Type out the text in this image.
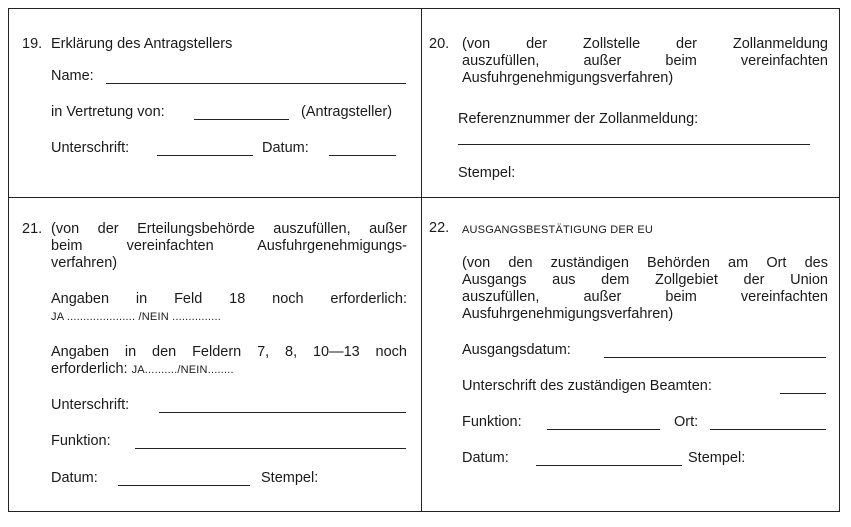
19. Erklärung des Antragstellers
Name:
in Vertretung von:	(Antragsteller)
Unterschrift:	Datum:
20. (von der Zollstelle der Zollanmeldung
auszufüllen, außer beim vereinfachten
Ausfuhrgenehmigungsverfahren)
Referenznummer der Zollanmeldung:
Stempel:
21. (von der Erteilungsbehörde auszufüllen, außer
beim vereinfachten Ausfuhrgenehmigungs-
verfahren)
Angaben in Feld 18 noch erforderlich:
JA ..................... /NEIN ...............
Angaben in den Feldern 7, 8, 10—13 noch
erforderlich: JA........../NEIN........
Unterschrift:
Funktion:
Datum:	Stempel:
22. AUSGANGSBESTÄTIGUNG DER EU
(von den zuständigen Behörden am Ort des
Ausgangs aus dem Zollgebiet der Union
auszufüllen, außer beim vereinfachten
Ausfuhrgenehmigungsverfahren)
Ausgangsdatum:
Unterschrift des zuständigen Beamten:
Funktion:	Ort:
Datum:	Stempel:
